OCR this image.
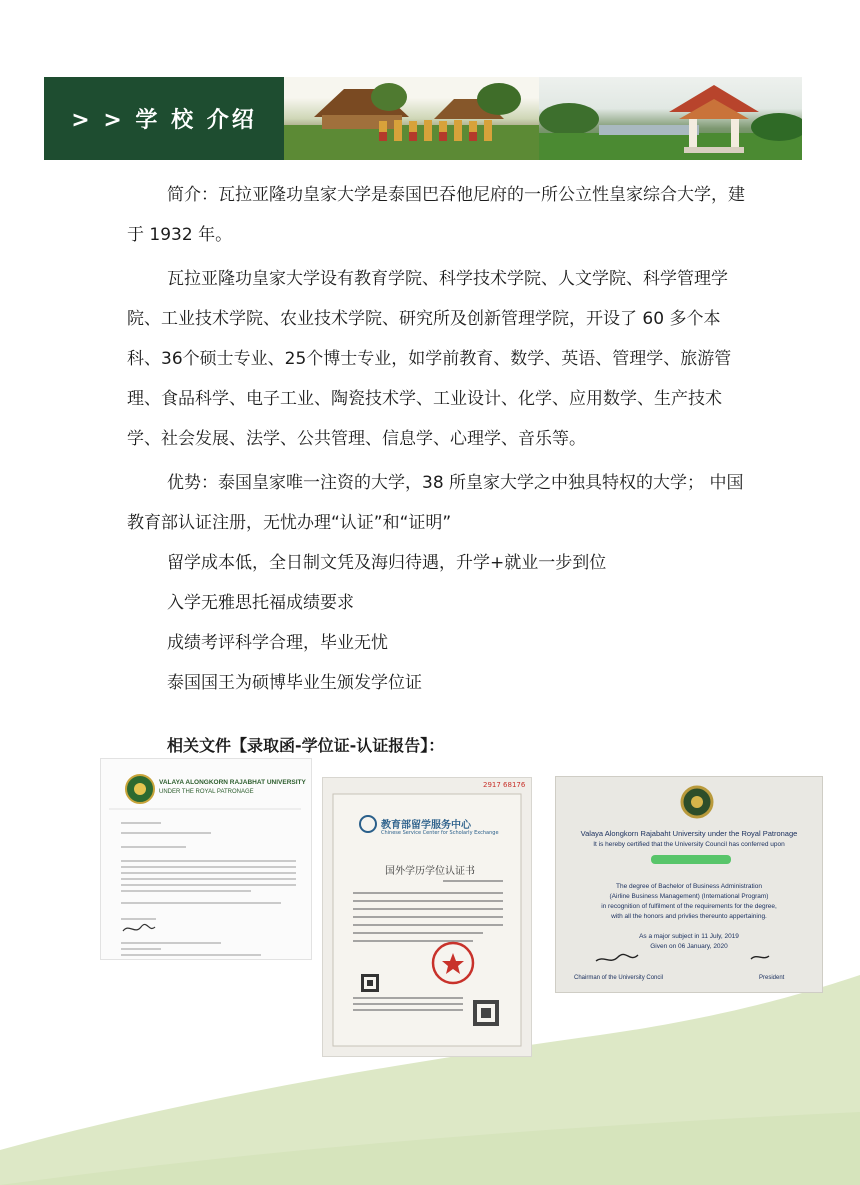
> > 学 校 介绍

简介：瓦拉亚隆功皇家大学是泰国巴吞他尼府的一所公立性皇家综合大学，建于 1932 年。

瓦拉亚隆功皇家大学设有教育学院、科学技术学院、人文学院、科学管理学院、工业技术学院、农业技术学院、研究所及创新管理学院，开设了 60 多个本科、36个硕士专业、25个博士专业，如学前教育、数学、英语、管理学、旅游管理、食品科学、电子工业、陶瓷技术学、工业设计、化学、应用数学、生产技术学、社会发展、法学、公共管理、信息学、心理学、音乐等。

优势：泰国皇家唯一注资的大学，38 所皇家大学之中独具特权的大学； 中国教育部认证注册，无忧办理“认证”和“证明”

留学成本低，全日制文凭及海归待遇，升学+就业一步到位

入学无雅思托福成绩要求

成绩考评科学合理，毕业无忧

泰国国王为硕博毕业生颁发学位证

相关文件【录取函-学位证-认证报告】：
VALAYA ALONGKORN RAJABHAT UNIVERSITY
UNDER THE ROYAL PATRONAGE
2917 68176
教育部留学服务中心
Chinese Service Center for Scholarly Exchange
国外学历学位认证书
Valaya Alongkorn Rajabaht University under the Royal Patronage
It is hereby certified that the University Council has conferred upon
The degree of Bachelor of Business Administration
(Airline Business Management) (International Program)
in recognition of fulfilment of the requirements for the degree,
with all the honors and privlies thereunto appertaining.
As a major subject in 11 July, 2019
Given on 06 January, 2020
Chairman of the University Concil	President
